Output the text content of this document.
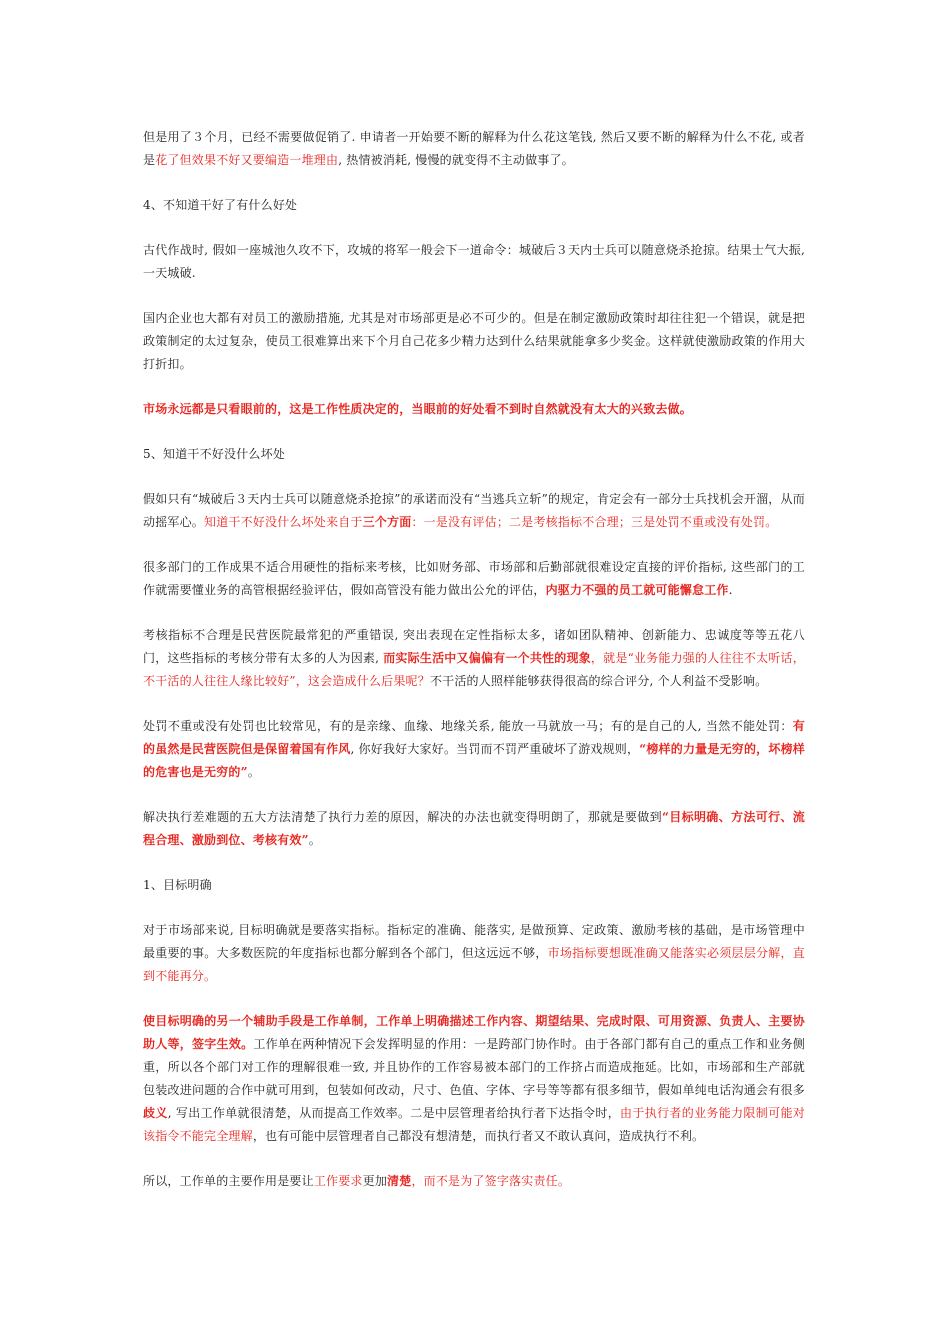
但是用了３个月，已经不需要做促销了. 申请者一开始要不断的解释为什么花这笔钱, 然后又要不断的解释为什么不花, 或者是花了但效果不好又要编造一堆理由, 热情被消耗, 慢慢的就变得不主动做事了。

4、不知道干好了有什么好处

古代作战时, 假如一座城池久攻不下，攻城的将军一般会下一道命令：城破后３天内士兵可以随意烧杀抢掠。结果士气大振, 一天城破.

国内企业也大都有对员工的激励措施, 尤其是对市场部更是必不可少的。但是在制定激励政策时却往往犯一个错误，就是把政策制定的太过复杂，使员工很难算出来下个月自己花多少精力达到什么结果就能拿多少奖金。这样就使激励政策的作用大打折扣。

市场永远都是只看眼前的，这是工作性质决定的，当眼前的好处看不到时自然就没有太大的兴致去做。

5、知道干不好没什么坏处

假如只有“城破后３天内士兵可以随意烧杀抢掠”的承诺而没有“当逃兵立斩”的规定，肯定会有一部分士兵找机会开溜，从而动摇军心。知道干不好没什么坏处来自于三个方面：一是没有评估；二是考核指标不合理；三是处罚不重或没有处罚。

很多部门的工作成果不适合用硬性的指标来考核，比如财务部、市场部和后勤部就很难设定直接的评价指标, 这些部门的工作就需要懂业务的高管根据经验评估，假如高管没有能力做出公允的评估，内驱力不强的员工就可能懈怠工作.

考核指标不合理是民营医院最常犯的严重错误, 突出表现在定性指标太多，诸如团队精神、创新能力、忠诚度等等五花八门，这些指标的考核分带有太多的人为因素, 而实际生活中又偏偏有一个共性的现象，就是“业务能力强的人往往不太听话，不干活的人往往人缘比较好”，这会造成什么后果呢？不干活的人照样能够获得很高的综合评分, 个人利益不受影响。

处罚不重或没有处罚也比较常见，有的是亲缘、血缘、地缘关系, 能放一马就放一马；有的是自己的人, 当然不能处罚：有的虽然是民营医院但是保留着国有作风, 你好我好大家好。当罚而不罚严重破坏了游戏规则，“榜样的力量是无穷的，坏榜样的危害也是无穷的”。

解决执行差难题的五大方法清楚了执行力差的原因，解决的办法也就变得明朗了，那就是要做到“目标明确、方法可行、流程合理、激励到位、考核有效”。

1、目标明确

对于市场部来说, 目标明确就是要落实指标。指标定的准确、能落实, 是做预算、定政策、激励考核的基础，是市场管理中最重要的事。大多数医院的年度指标也都分解到各个部门，但这远远不够，市场指标要想既准确又能落实必须层层分解，直到不能再分。

使目标明确的另一个辅助手段是工作单制，工作单上明确描述工作内容、期望结果、完成时限、可用资源、负责人、主要协助人等，签字生效。工作单在两种情况下会发挥明显的作用：一是跨部门协作时。由于各部门都有自己的重点工作和业务侧重，所以各个部门对工作的理解很难一致, 并且协作的工作容易被本部门的工作挤占而造成拖延。比如，市场部和生产部就包装改进问题的合作中就可用到，包装如何改动，尺寸、色值、字体、字号等等都有很多细节，假如单纯电话沟通会有很多歧义, 写出工作单就很清楚，从而提高工作效率。二是中层管理者给执行者下达指令时，由于执行者的业务能力限制可能对该指令不能完全理解，也有可能中层管理者自己都没有想清楚，而执行者又不敢认真问，造成执行不利。

所以，工作单的主要作用是要让工作要求更加清楚，而不是为了签字落实责任。
